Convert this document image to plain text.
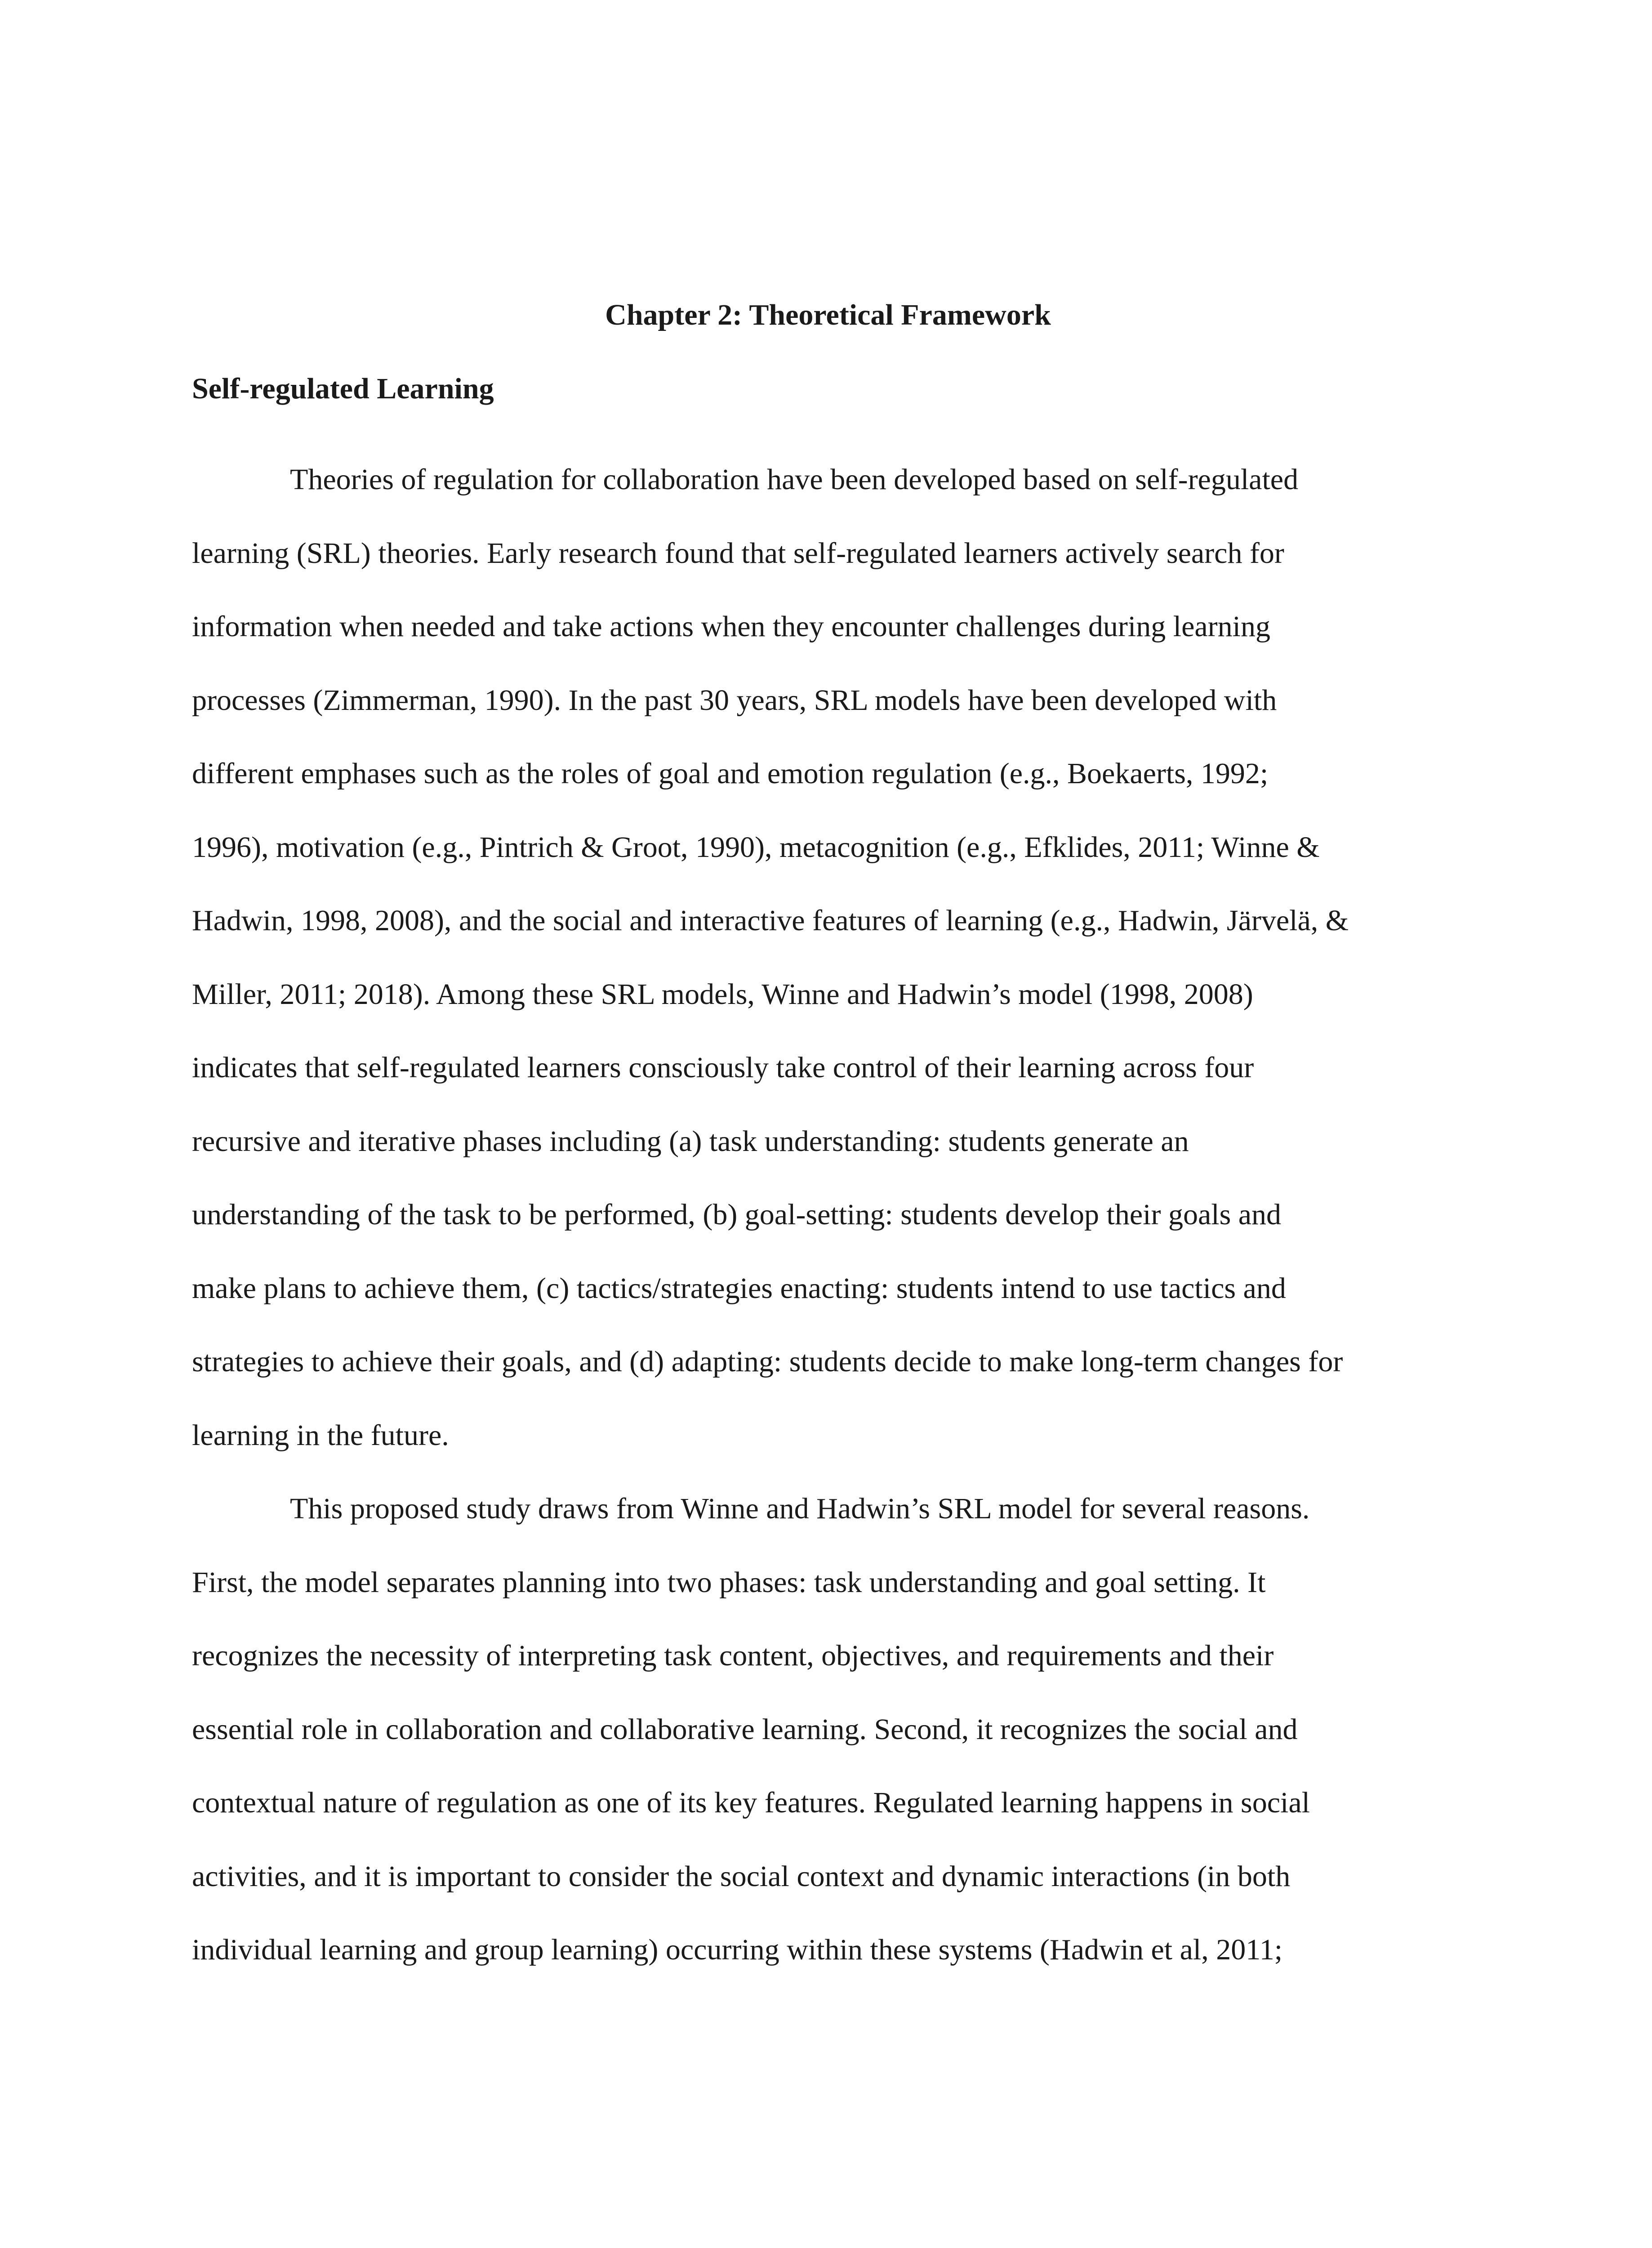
Chapter 2: Theoretical Framework
Self-regulated Learning
Theories of regulation for collaboration have been developed based on self-regulated
learning (SRL) theories. Early research found that self-regulated learners actively search for
information when needed and take actions when they encounter challenges during learning
processes (Zimmerman, 1990). In the past 30 years, SRL models have been developed with
different emphases such as the roles of goal and emotion regulation (e.g., Boekaerts, 1992;
1996), motivation (e.g., Pintrich & Groot, 1990), metacognition (e.g., Efklides, 2011; Winne &
Hadwin, 1998, 2008), and the social and interactive features of learning (e.g., Hadwin, Järvelä, &
Miller, 2011; 2018). Among these SRL models, Winne and Hadwin’s model (1998, 2008)
indicates that self-regulated learners consciously take control of their learning across four
recursive and iterative phases including (a) task understanding: students generate an
understanding of the task to be performed, (b) goal-setting: students develop their goals and
make plans to achieve them, (c) tactics/strategies enacting: students intend to use tactics and
strategies to achieve their goals, and (d) adapting: students decide to make long-term changes for
learning in the future.
This proposed study draws from Winne and Hadwin’s SRL model for several reasons.
First, the model separates planning into two phases: task understanding and goal setting. It
recognizes the necessity of interpreting task content, objectives, and requirements and their
essential role in collaboration and collaborative learning. Second, it recognizes the social and
contextual nature of regulation as one of its key features. Regulated learning happens in social
activities, and it is important to consider the social context and dynamic interactions (in both
individual learning and group learning) occurring within these systems (Hadwin et al, 2011;
